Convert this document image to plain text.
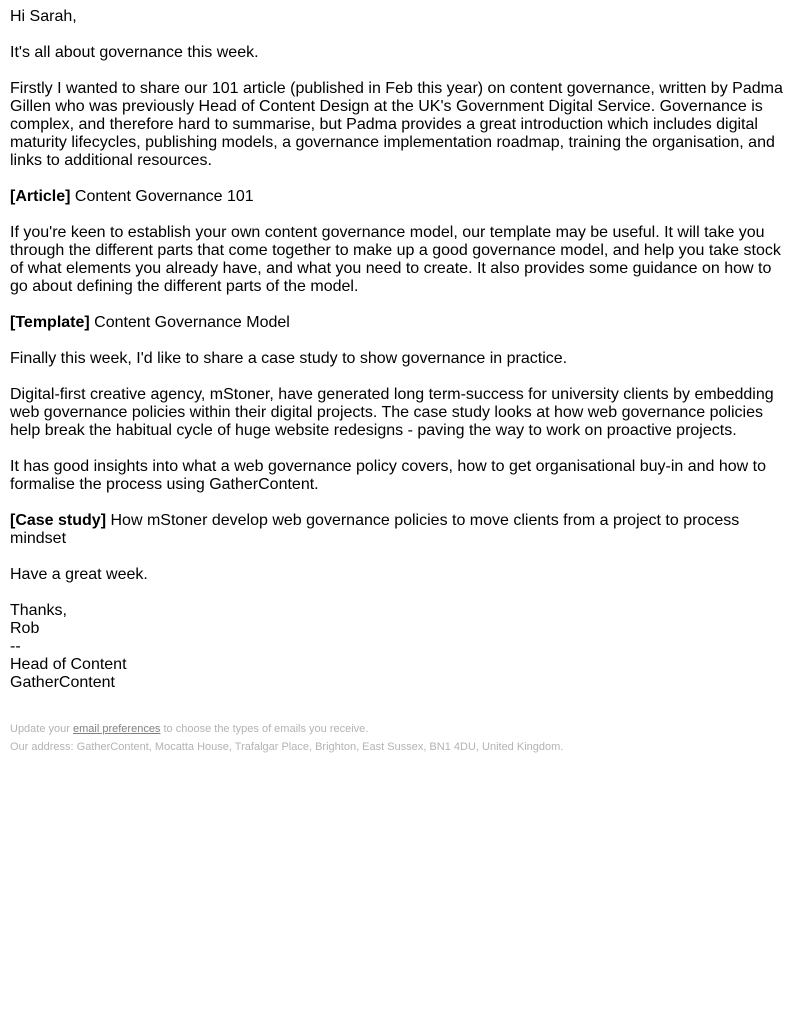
Hi Sarah,

It's all about governance this week.

Firstly I wanted to share our 101 article (published in Feb this year) on content governance, written by Padma Gillen who was previously Head of Content Design at the UK's Government Digital Service. Governance is complex, and therefore hard to summarise, but Padma provides a great introduction which includes digital maturity lifecycles, publishing models, a governance implementation roadmap, training the organisation, and links to additional resources.

[Article] Content Governance 101

If you're keen to establish your own content governance model, our template may be useful. It will take you through the different parts that come together to make up a good governance model, and help you take stock of what elements you already have, and what you need to create. It also provides some guidance on how to go about defining the different parts of the model.

[Template] Content Governance Model

Finally this week, I'd like to share a case study to show governance in practice.

Digital-first creative agency, mStoner, have generated long term-success for university clients by embedding web governance policies within their digital projects. The case study looks at how web governance policies help break the habitual cycle of huge website redesigns - paving the way to work on proactive projects.

It has good insights into what a web governance policy covers, how to get organisational buy-in and how to formalise the process using GatherContent.

[Case study] How mStoner develop web governance policies to move clients from a project to process mindset

Have a great week.

Thanks,
Rob
--
Head of Content
GatherContent

Update your email preferences to choose the types of emails you receive.
Our address: GatherContent, Mocatta House, Trafalgar Place, Brighton, East Sussex, BN1 4DU, United Kingdom.
